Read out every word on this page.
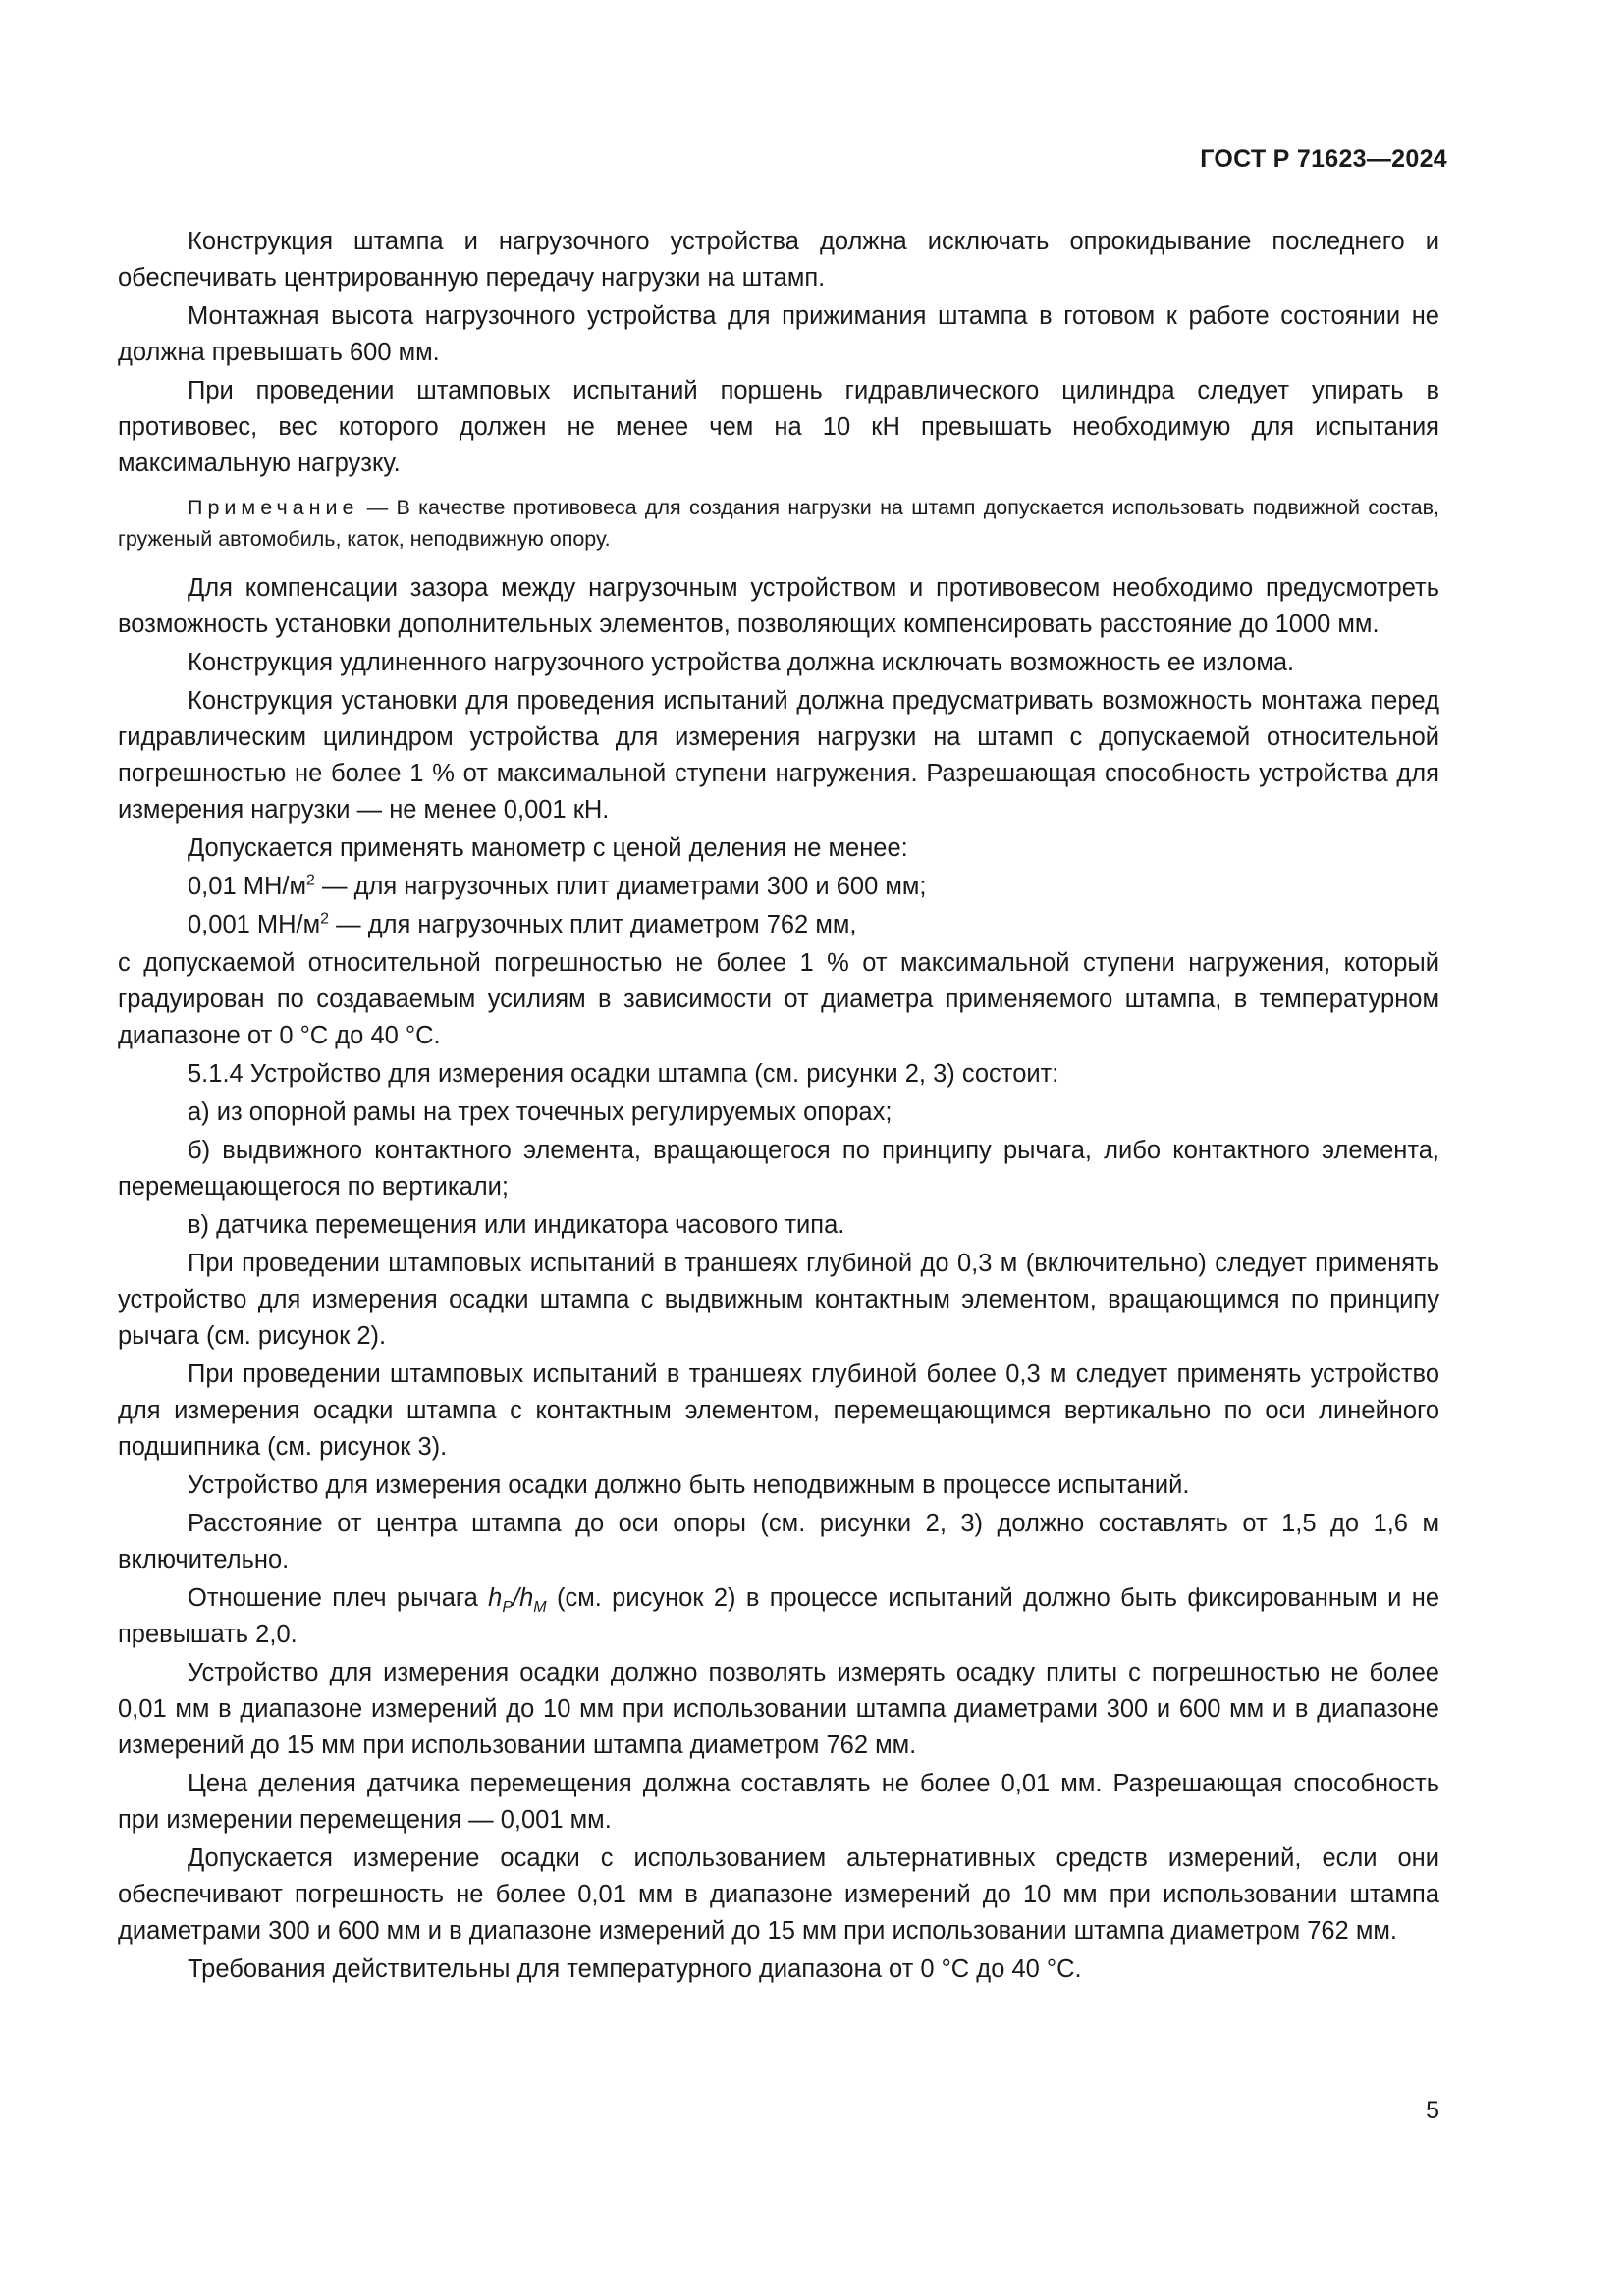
ГОСТ Р 71623—2024

Конструкция штампа и нагрузочного устройства должна исключать опрокидывание последнего и обеспечивать центрированную передачу нагрузки на штамп.

Монтажная высота нагрузочного устройства для прижимания штампа в готовом к работе состоянии не должна превышать 600 мм.

При проведении штамповых испытаний поршень гидравлического цилиндра следует упирать в противовес, вес которого должен не менее чем на 10 кН превышать необходимую для испытания максимальную нагрузку.

Примечание — В качестве противовеса для создания нагрузки на штамп допускается использовать подвижной состав, груженый автомобиль, каток, неподвижную опору.

Для компенсации зазора между нагрузочным устройством и противовесом необходимо предусмотреть возможность установки дополнительных элементов, позволяющих компенсировать расстояние до 1000 мм.

Конструкция удлиненного нагрузочного устройства должна исключать возможность ее излома.

Конструкция установки для проведения испытаний должна предусматривать возможность монтажа перед гидравлическим цилиндром устройства для измерения нагрузки на штамп с допускаемой относительной погрешностью не более 1 % от максимальной ступени нагружения. Разрешающая способность устройства для измерения нагрузки — не менее 0,001 кН.

Допускается применять манометр с ценой деления не менее:

0,01 $МН/м^2$ — для нагрузочных плит диаметрами 300 и 600 мм;

0,001 $МН/м^2$ — для нагрузочных плит диаметром 762 мм,

с допускаемой относительной погрешностью не более 1 % от максимальной ступени нагружения, который градуирован по создаваемым усилиям в зависимости от диаметра применяемого штампа, в температурном диапазоне от 0 °С до 40 °С.

5.1.4 Устройство для измерения осадки штампа (см. рисунки 2, 3) состоит:

а) из опорной рамы на трех точечных регулируемых опорах;

б) выдвижного контактного элемента, вращающегося по принципу рычага, либо контактного элемента, перемещающегося по вертикали;

в) датчика перемещения или индикатора часового типа.

При проведении штамповых испытаний в траншеях глубиной до 0,3 м (включительно) следует применять устройство для измерения осадки штампа с выдвижным контактным элементом, вращающимся по принципу рычага (см. рисунок 2).

При проведении штамповых испытаний в траншеях глубиной более 0,3 м следует применять устройство для измерения осадки штампа с контактным элементом, перемещающимся вертикально по оси линейного подшипника (см. рисунок 3).

Устройство для измерения осадки должно быть неподвижным в процессе испытаний.

Расстояние от центра штампа до оси опоры (см. рисунки 2, 3) должно составлять от 1,5 до 1,6 м включительно.

Отношение плеч рычага $h_P/h_M$ (см. рисунок 2) в процессе испытаний должно быть фиксированным и не превышать 2,0.

Устройство для измерения осадки должно позволять измерять осадку плиты с погрешностью не более 0,01 мм в диапазоне измерений до 10 мм при использовании штампа диаметрами 300 и 600 мм и в диапазоне измерений до 15 мм при использовании штампа диаметром 762 мм.

Цена деления датчика перемещения должна составлять не более 0,01 мм. Разрешающая способность при измерении перемещения — 0,001 мм.

Допускается измерение осадки с использованием альтернативных средств измерений, если они обеспечивают погрешность не более 0,01 мм в диапазоне измерений до 10 мм при использовании штампа диаметрами 300 и 600 мм и в диапазоне измерений до 15 мм при использовании штампа диаметром 762 мм.

Требования действительны для температурного диапазона от 0 °С до 40 °С.

5
